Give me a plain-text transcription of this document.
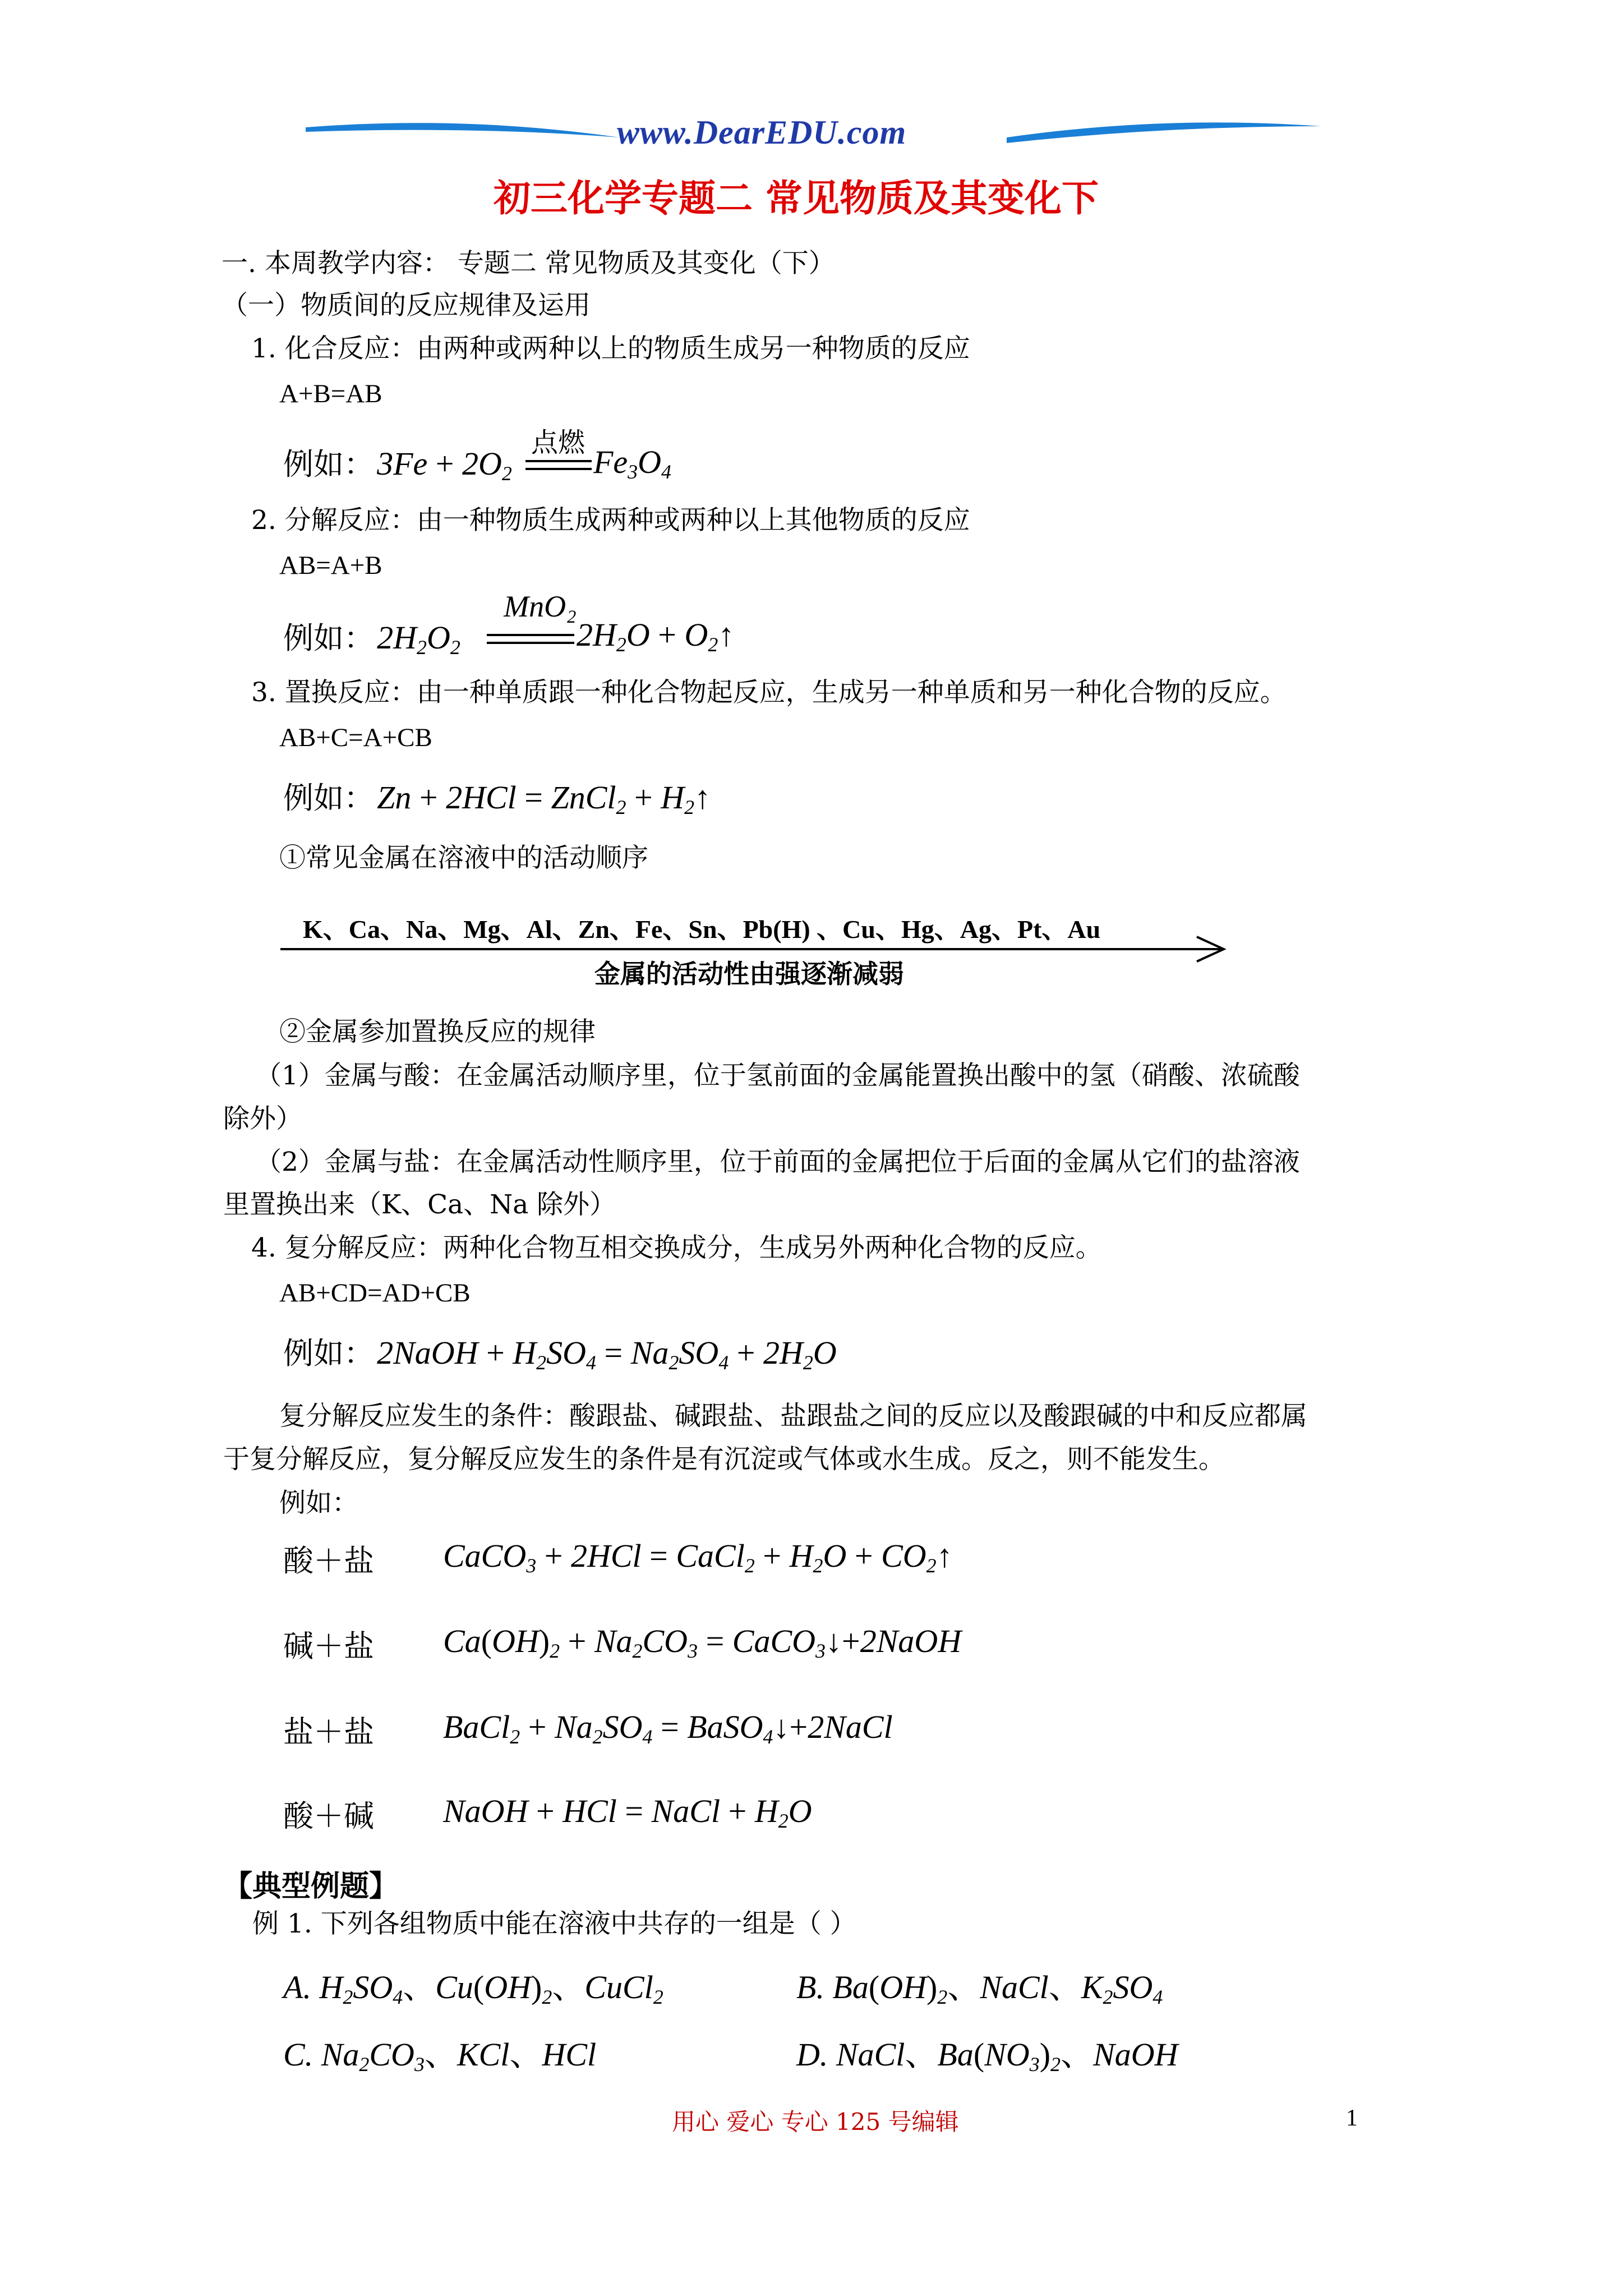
www.DearEDU.com
初三化学专题二 常见物质及其变化下
一. 本周教学内容： 专题二 常见物质及其变化（下）
（一）物质间的反应规律及运用
1. 化合反应：由两种或两种以上的物质生成另一种物质的反应
A+B=AB
例如： $3Fe + 2O_2$
点燃
$Fe_3O_4$
2. 分解反应：由一种物质生成两种或两种以上其他物质的反应
AB=A+B
例如： $2H_2O_2$
MnO₂
$2H_2O$ + $O_2↑$
3. 置换反应：由一种单质跟一种化合物起反应，生成另一种单质和另一种化合物的反应。
AB+C=A+CB
例如： Zn + 2HCl = ZnCl$_2$ + $H_2↑$
①常见金属在溶液中的活动顺序
K、Ca、Na、Mg、Al、Zn、Fe、Sn、Pb(H) 、Cu、Hg、Ag、Pt、Au
金属的活动性由强逐渐减弱
②金属参加置换反应的规律
（1）金属与酸：在金属活动顺序里，位于氢前面的金属能置换出酸中的氢（硝酸、浓硫酸
除外）
（2）金属与盐：在金属活动性顺序里，位于前面的金属把位于后面的金属从它们的盐溶液
里置换出来（K、Ca、Na 除外）
4. 复分解反应：两种化合物互相交换成分，生成另外两种化合物的反应。
AB+CD=AD+CB
例如： 2NaOH + $H_2SO_4 = Na_2SO_4 + 2H_2O$
复分解反应发生的条件：酸跟盐、碱跟盐、盐跟盐之间的反应以及酸跟碱的中和反应都属
于复分解反应，复分解反应发生的条件是有沉淀或气体或水生成。反之，则不能发生。
例如：
酸＋盐 CaCO$_3$ + 2HCl = CaCl$_2$ + $H_2O$ + $CO_2↑$
碱＋盐 $Ca(OH)_2 + Na_2CO_3$ = CaCO$_3$↓+2NaOH
盐＋盐 BaCl$_2$ + $Na_2SO_4$ = BaSO$_4$↓+2NaCl
酸＋碱 NaOH + HCl = NaCl + $H_2O$
【典型例题】
例 1. 下列各组物质中能在溶液中共存的一组是（ ）
A. $H_2SO_4$、$Cu(OH)_2$、CuCl$_2$	B. $Ba(OH)_2$、NaCl、$K_2SO_4$
C. $Na_2CO_3$、KCl、HCl	D. NaCl、$Ba(NO_3)_2$、NaOH
用心 爱心 专心 125 号编辑	1
